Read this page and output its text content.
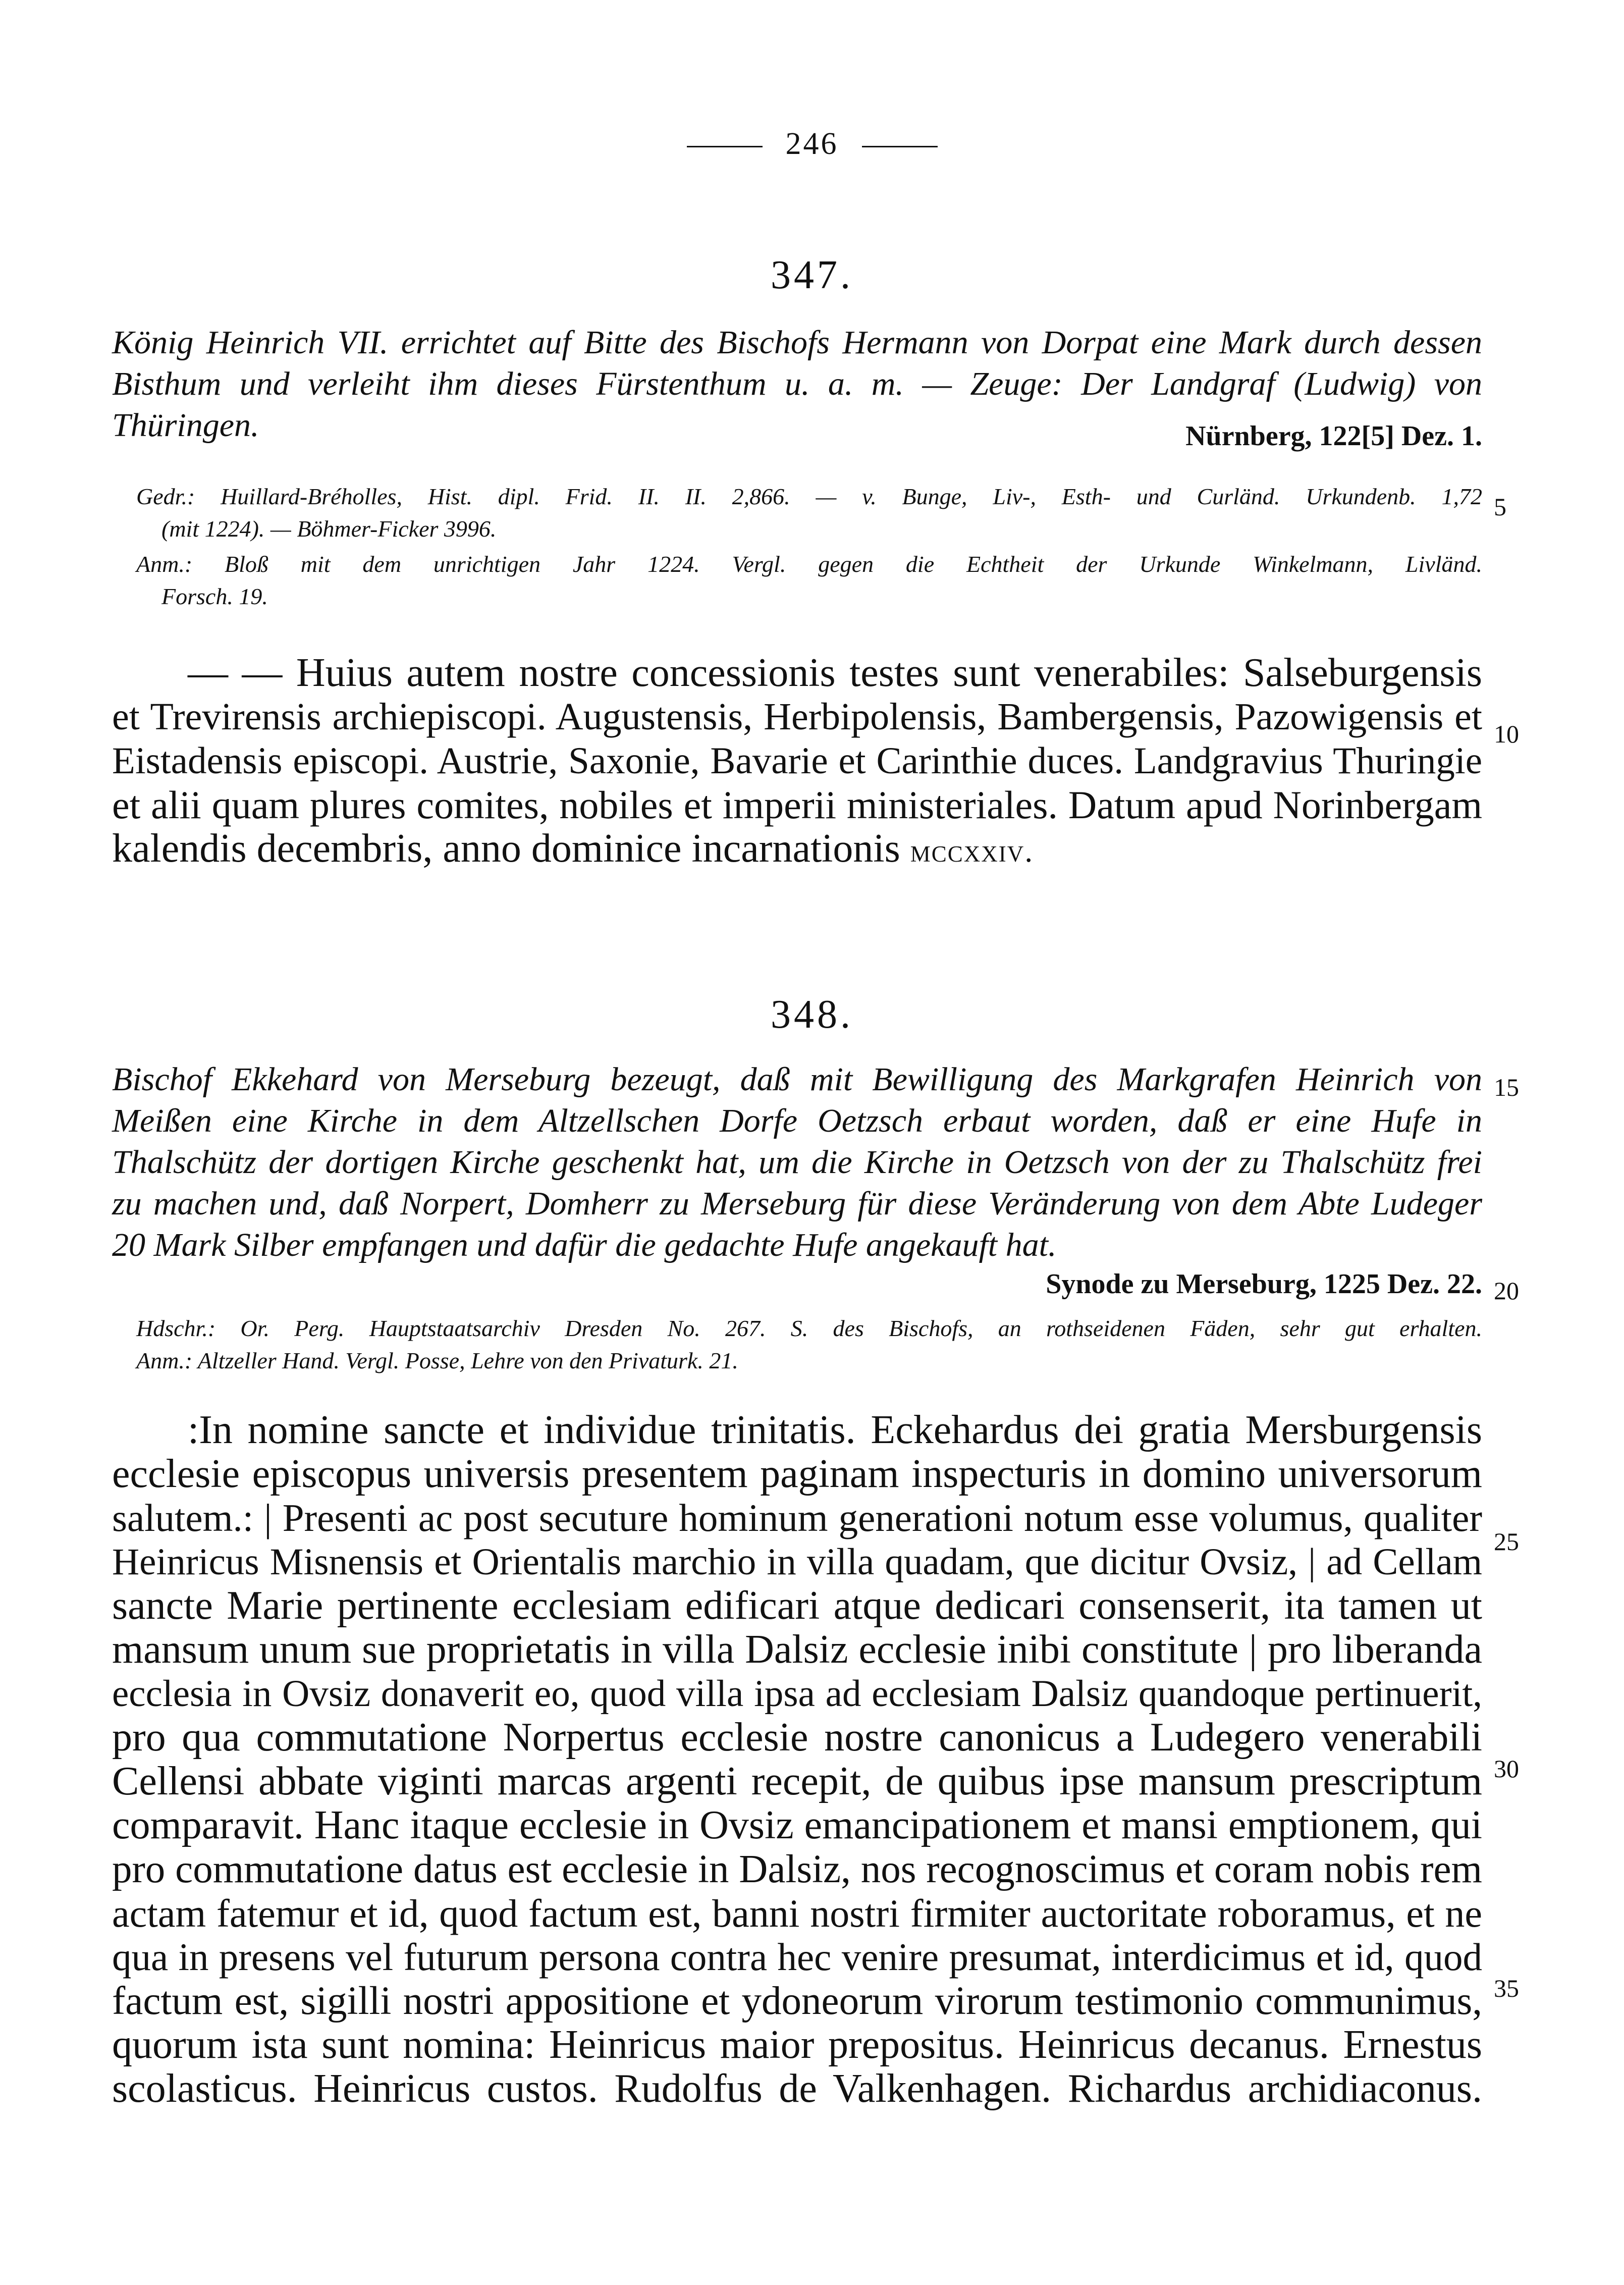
246
347.
König Heinrich VII. errichtet auf Bitte des Bischofs Hermann von Dorpat eine Mark durch dessen
Bisthum und verleiht ihm dieses Fürstenthum u. a. m. — Zeuge: Der Landgraf (Ludwig) von
Thüringen.	Nürnberg, 122[5] Dez. 1.
Gedr.: Huillard-Bréholles, Hist. dipl. Frid. II. II. 2,866. — v. Bunge, Liv-, Esth- und Curländ. Urkundenb. 1,72
(mit 1224). — Böhmer-Ficker 3996.
Anm.: Bloß mit dem unrichtigen Jahr 1224. Vergl. gegen die Echtheit der Urkunde Winkelmann, Livländ.
Forsch. 19.
— — Huius autem nostre concessionis testes sunt venerabiles: Salseburgensis
et Trevirensis archiepiscopi. Augustensis, Herbipolensis, Bambergensis, Pazowigensis et
Eistadensis episcopi. Austrie, Saxonie, Bavarie et Carinthie duces. Landgravius Thuringie
et alii quam plures comites, nobiles et imperii ministeriales. Datum apud Norinbergam
kalendis decembris, anno dominice incarnationis mccxxiv.
348.
Bischof Ekkehard von Merseburg bezeugt, daß mit Bewilligung des Markgrafen Heinrich von
Meißen eine Kirche in dem Altzellschen Dorfe Oetzsch erbaut worden, daß er eine Hufe in
Thalschütz der dortigen Kirche geschenkt hat, um die Kirche in Oetzsch von der zu Thalschütz frei
zu machen und, daß Norpert, Domherr zu Merseburg für diese Veränderung von dem Abte Ludeger
20 Mark Silber empfangen und dafür die gedachte Hufe angekauft hat.
Synode zu Merseburg, 1225 Dez. 22.
Hdschr.: Or. Perg. Hauptstaatsarchiv Dresden No. 267. S. des Bischofs, an rothseidenen Fäden, sehr gut erhalten.
Anm.: Altzeller Hand. Vergl. Posse, Lehre von den Privaturk. 21.
:In nomine sancte et individue trinitatis. Eckehardus dei gratia Mersburgensis
ecclesie episcopus universis presentem paginam inspecturis in domino universorum
salutem.: | Presenti ac post secuture hominum generationi notum esse volumus, qualiter
Heinricus Misnensis et Orientalis marchio in villa quadam, que dicitur Ovsiz, | ad Cellam
sancte Marie pertinente ecclesiam edificari atque dedicari consenserit, ita tamen ut
mansum unum sue proprietatis in villa Dalsiz ecclesie inibi constitute | pro liberanda
ecclesia in Ovsiz donaverit eo, quod villa ipsa ad ecclesiam Dalsiz quandoque pertinuerit,
pro qua commutatione Norpertus ecclesie nostre canonicus a Ludegero venerabili
Cellensi abbate viginti marcas argenti recepit, de quibus ipse mansum prescriptum
comparavit. Hanc itaque ecclesie in Ovsiz emancipationem et mansi emptionem, qui
pro commutatione datus est ecclesie in Dalsiz, nos recognoscimus et coram nobis rem
actam fatemur et id, quod factum est, banni nostri firmiter auctoritate roboramus, et ne
qua in presens vel futurum persona contra hec venire presumat, interdicimus et id, quod
factum est, sigilli nostri appositione et ydoneorum virorum testimonio communimus,
quorum ista sunt nomina: Heinricus maior prepositus. Heinricus decanus. Ernestus
scolasticus. Heinricus custos. Rudolfus de Valkenhagen. Richardus archidiaconus.
5
10
15
20
25
30
35
